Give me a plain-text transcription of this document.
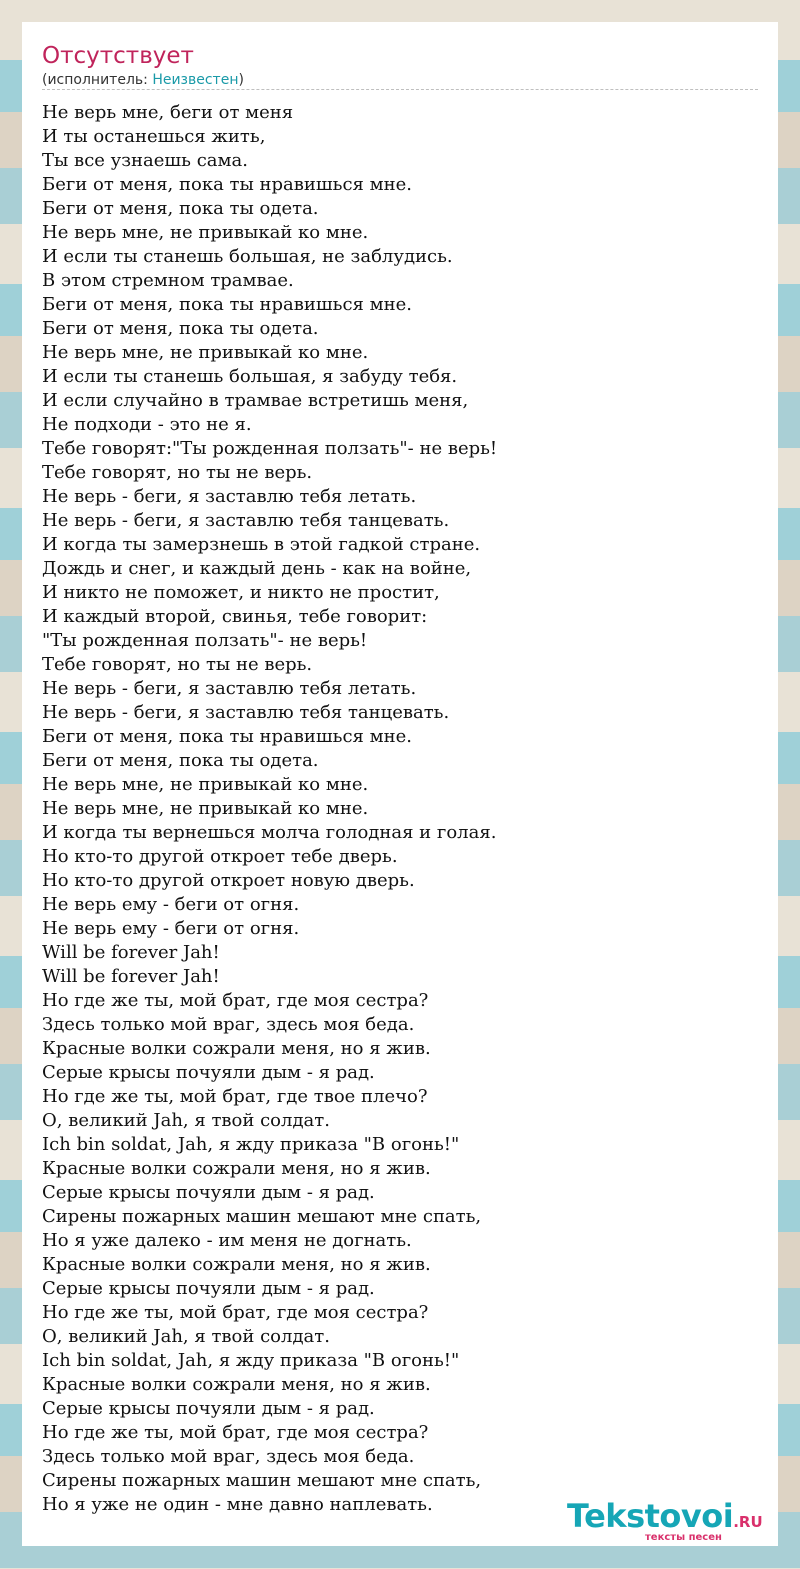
Отсутствует
(исполнитель: Неизвестен)
Не верь мне, беги от меня
И ты останешься жить,
Ты все узнаешь сама.
Беги от меня, пока ты нравишься мне.
Беги от меня, пока ты одета.
Не верь мне, не привыкай ко мне.
И если ты станешь большая, не заблудись.
В этом стремном трамвае.
Беги от меня, пока ты нравишься мне.
Беги от меня, пока ты одета.
Не верь мне, не привыкай ко мне.
И если ты станешь большая, я забуду тебя.
И если случайно в трамвае встретишь меня,
Не подходи - это не я.
Тебе говорят:"Ты рожденная ползать"- не верь!
Тебе говорят, но ты не верь.
Не верь - беги, я заставлю тебя летать.
Не верь - беги, я заставлю тебя танцевать.
И когда ты замерзнешь в этой гадкой стране.
Дождь и снег, и каждый день - как на войне,
И никто не поможет, и никто не простит,
И каждый второй, свинья, тебе говорит:
"Ты рожденная ползать"- не верь!
Тебе говорят, но ты не верь.
Не верь - беги, я заставлю тебя летать.
Не верь - беги, я заставлю тебя танцевать.
Беги от меня, пока ты нравишься мне.
Беги от меня, пока ты одета.
Не верь мне, не привыкай ко мне.
Не верь мне, не привыкай ко мне.
И когда ты вернешься молча голодная и голая.
Но кто-то другой откроет тебе дверь.
Но кто-то другой откроет новую дверь.
Не верь ему - беги от огня.
Не верь ему - беги от огня.
Will be forever Jah!
Will be forever Jah!
Но где же ты, мой брат, где моя сестра?
Здесь только мой враг, здесь моя беда.
Красные волки сожрали меня, но я жив.
Серые крысы почуяли дым - я рад.
Но где же ты, мой брат, где твое плечо?
О, великий Jah, я твой солдат.
Ich bin soldat, Jah, я жду приказа "В огонь!"
Красные волки сожрали меня, но я жив.
Серые крысы почуяли дым - я рад.
Сирены пожарных машин мешают мне спать,
Но я уже далеко - им меня не догнать.
Красные волки сожрали меня, но я жив.
Серые крысы почуяли дым - я рад.
Но где же ты, мой брат, где моя сестра?
О, великий Jah, я твой солдат.
Ich bin soldat, Jah, я жду приказа "В огонь!"
Красные волки сожрали меня, но я жив.
Серые крысы почуяли дым - я рад.
Но где же ты, мой брат, где моя сестра?
Здесь только мой враг, здесь моя беда.
Сирены пожарных машин мешают мне спать,
Но я уже не один - мне давно наплевать.	Tekstovoi.RU
тексты песен
